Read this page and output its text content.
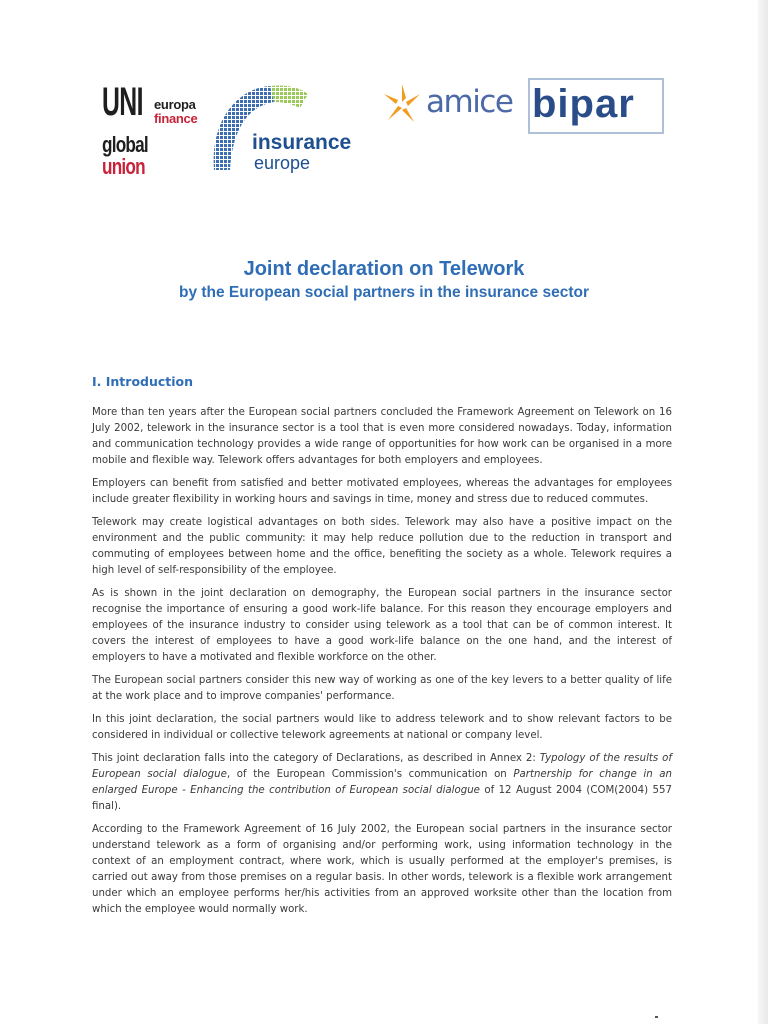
UNI europa
finance
global
union
insurance
europe
amice bipar
Joint declaration on Telework
by the European social partners in the insurance sector
I. Introduction

More than ten years after the European social partners concluded the Framework Agreement on Telework on 16 July 2002, telework in the insurance sector is a tool that is even more considered nowadays. Today, information and communication technology provides a wide range of opportunities for how work can be organised in a more mobile and flexible way. Telework offers advantages for both employers and employees.

Employers can benefit from satisfied and better motivated employees, whereas the advantages for employees include greater flexibility in working hours and savings in time, money and stress due to reduced commutes.

Telework may create logistical advantages on both sides. Telework may also have a positive impact on the environment and the public community: it may help reduce pollution due to the reduction in transport and commuting of employees between home and the office, benefiting the society as a whole. Telework requires a high level of self-responsibility of the employee.

As is shown in the joint declaration on demography, the European social partners in the insurance sector recognise the importance of ensuring a good work-life balance. For this reason they encourage employers and employees of the insurance industry to consider using telework as a tool that can be of common interest. It covers the interest of employees to have a good work-life balance on the one hand, and the interest of employers to have a motivated and flexible workforce on the other.

The European social partners consider this new way of working as one of the key levers to a better quality of life at the work place and to improve companies' performance.

In this joint declaration, the social partners would like to address telework and to show relevant factors to be considered in individual or collective telework agreements at national or company level.

This joint declaration falls into the category of Declarations, as described in Annex 2: Typology of the results of European social dialogue, of the European Commission's communication on Partnership for change in an enlarged Europe - Enhancing the contribution of European social dialogue of 12 August 2004 (COM(2004) 557 final).

According to the Framework Agreement of 16 July 2002, the European social partners in the insurance sector understand telework as a form of organising and/or performing work, using information technology in the context of an employment contract, where work, which is usually performed at the employer's premises, is carried out away from those premises on a regular basis. In other words, telework is a flexible work arrangement under which an employee performs her/his activities from an approved worksite other than the location from which the employee would normally work.
